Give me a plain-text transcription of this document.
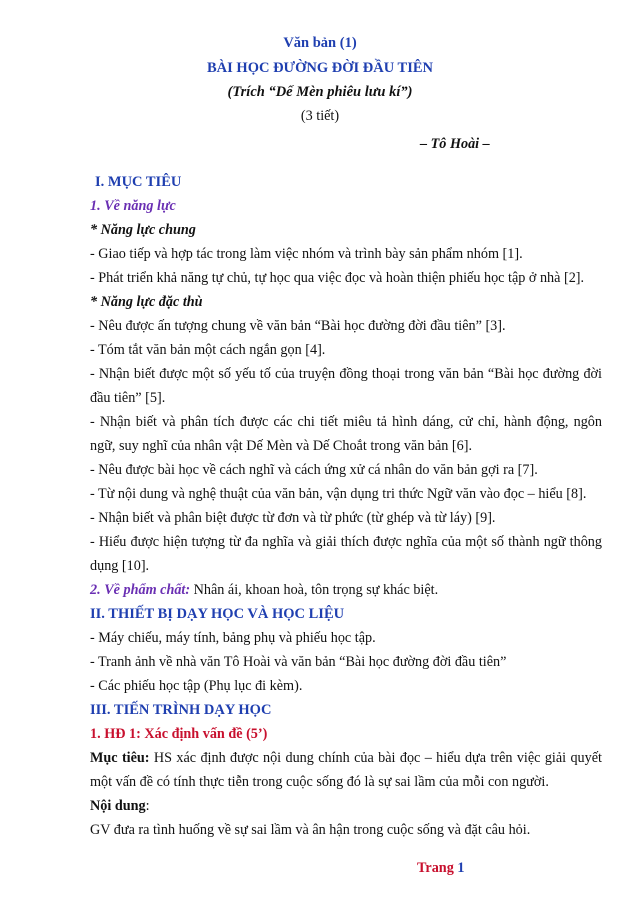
Văn bản (1)
BÀI HỌC ĐƯỜNG ĐỜI ĐẦU TIÊN
(Trích “Dế Mèn phiêu lưu kí”)
(3 tiết)
– Tô Hoài –
I. MỤC TIÊU
1. Về năng lực
* Năng lực chung
- Giao tiếp và hợp tác trong làm việc nhóm và trình bày sản phẩm nhóm [1].
- Phát triển khả năng tự chủ, tự học qua việc đọc và hoàn thiện phiếu học tập ở nhà [2].
* Năng lực đặc thù
- Nêu được ấn tượng chung về văn bản “Bài học đường đời đầu tiên” [3].
- Tóm tắt văn bản một cách ngắn gọn [4].
- Nhận biết được một số yếu tố của truyện đồng thoại trong văn bản “Bài học đường đời đầu tiên” [5].
- Nhận biết và phân tích được các chi tiết miêu tả hình dáng, cử chỉ, hành động, ngôn ngữ, suy nghĩ của nhân vật Dế Mèn và Dế Choắt trong văn bản [6].
- Nêu được bài học về cách nghĩ và cách ứng xử cá nhân do văn bản gợi ra [7].
- Từ nội dung và nghệ thuật của văn bản, vận dụng tri thức Ngữ văn vào đọc – hiểu [8].
- Nhận biết và phân biệt được từ đơn và từ phức (từ ghép và từ láy) [9].
- Hiểu được hiện tượng từ đa nghĩa và giải thích được nghĩa của một số thành ngữ thông dụng [10].
2. Về phẩm chất: Nhân ái, khoan hoà, tôn trọng sự khác biệt.
II. THIẾT BỊ DẠY HỌC VÀ HỌC LIỆU
- Máy chiếu, máy tính, bảng phụ và phiếu học tập.
- Tranh ảnh về nhà văn Tô Hoài và văn bản “Bài học đường đời đầu tiên”
- Các phiếu học tập (Phụ lục đi kèm).
III. TIẾN TRÌNH DẠY HỌC
1. HĐ 1: Xác định vấn đề (5’)
Mục tiêu: HS xác định được nội dung chính của bài đọc – hiểu dựa trên việc giải quyết một vấn đề có tính thực tiễn trong cuộc sống đó là sự sai lầm của mỗi con người.
Nội dung:
GV đưa ra tình huống về sự sai lầm và ân hận trong cuộc sống và đặt câu hỏi.
Trang 1
